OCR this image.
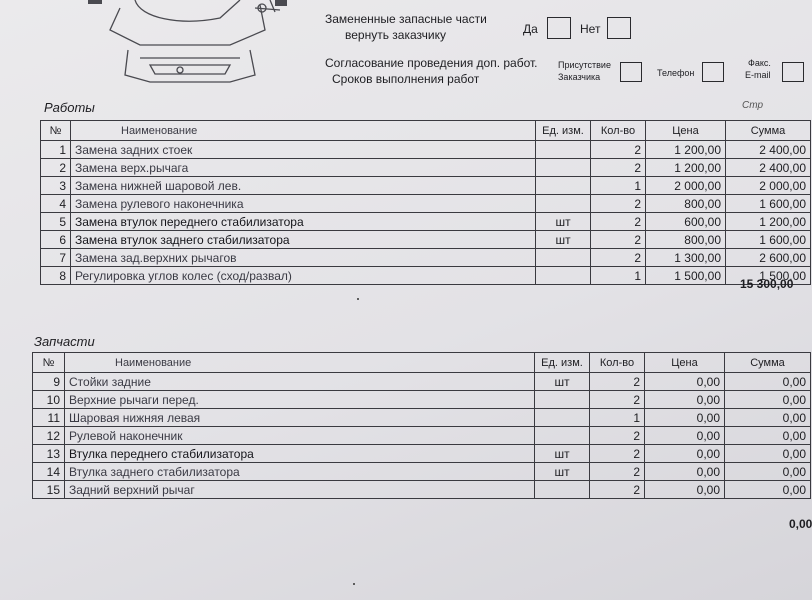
Замененные запасные части
вернуть заказчику	Да	Нет
Согласование проведения доп. работ.
Сроков выполнения работ
Присутствие
Заказчика	Телефон
Факс.
E-mail
Работы	Стр
№	Наименование	Ед. изм.	Кол-во	Цена	Сумма
1	Замена задних стоек		2	1 200,00	2 400,00
2	Замена верх.рычага		2	1 200,00	2 400,00
3	Замена нижней шаровой лев.		1	2 000,00	2 000,00
4	Замена рулевого наконечника		2	800,00	1 600,00
5	Замена втулок переднего стабилизатора	шт	2	600,00	1 200,00
6	Замена втулок заднего стабилизатора	шт	2	800,00	1 600,00
7	Замена зад.верхних рычагов		2	1 300,00	2 600,00
8	Регулировка углов колес (сход/развал)		1	1 500,00	1 500,00
15 300,00
Запчасти
№	Наименование	Ед. изм.	Кол-во	Цена	Сумма
9	Стойки задние	шт	2	0,00	0,00
10	Верхние рычаги перед.		2	0,00	0,00
11	Шаровая нижняя левая		1	0,00	0,00
12	Рулевой наконечник		2	0,00	0,00
13	Втулка переднего стабилизатора	шт	2	0,00	0,00
14	Втулка заднего стабилизатора	шт	2	0,00	0,00
15	Задний верхний рычаг		2	0,00	0,00
0,00
